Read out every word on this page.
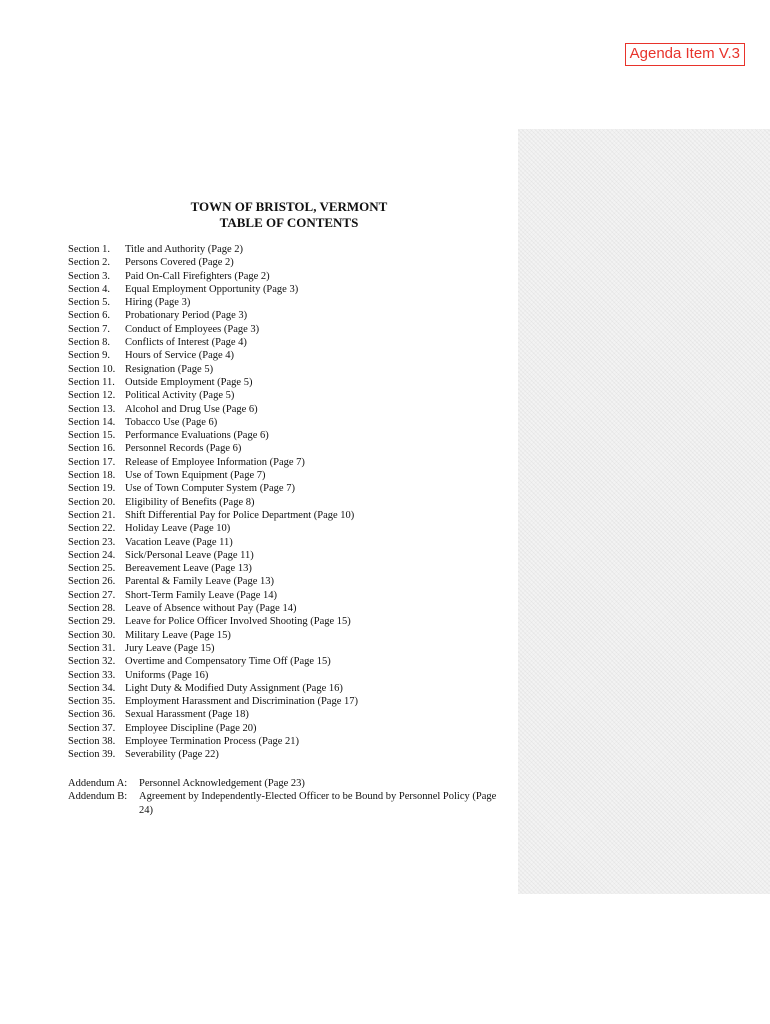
Agenda Item V.3
TOWN OF BRISTOL, VERMONT
TABLE OF CONTENTS
Section 1.	Title and Authority (Page 2)
Section 2.	Persons Covered (Page 2)
Section 3.	Paid On-Call Firefighters (Page 2)
Section 4.	Equal Employment Opportunity (Page 3)
Section 5.	Hiring (Page 3)
Section 6.	Probationary Period (Page 3)
Section 7.	Conduct of Employees (Page 3)
Section 8.	Conflicts of Interest (Page 4)
Section 9.	Hours of Service (Page 4)
Section 10. Resignation (Page 5)
Section 11. Outside Employment (Page 5)
Section 12. Political Activity (Page 5)
Section 13. Alcohol and Drug Use (Page 6)
Section 14. Tobacco Use (Page 6)
Section 15. Performance Evaluations (Page 6)
Section 16. Personnel Records (Page 6)
Section 17. Release of Employee Information (Page 7)
Section 18. Use of Town Equipment (Page 7)
Section 19. Use of Town Computer System (Page 7)
Section 20. Eligibility of Benefits (Page 8)
Section 21. Shift Differential Pay for Police Department (Page 10)
Section 22. Holiday Leave (Page 10)
Section 23. Vacation Leave (Page 11)
Section 24. Sick/Personal Leave (Page 11)
Section 25. Bereavement Leave (Page 13)
Section 26. Parental & Family Leave (Page 13)
Section 27. Short-Term Family Leave (Page 14)
Section 28. Leave of Absence without Pay (Page 14)
Section 29. Leave for Police Officer Involved Shooting (Page 15)
Section 30. Military Leave (Page 15)
Section 31. Jury Leave (Page 15)
Section 32. Overtime and Compensatory Time Off (Page 15)
Section 33. Uniforms (Page 16)
Section 34. Light Duty & Modified Duty Assignment (Page 16)
Section 35. Employment Harassment and Discrimination (Page 17)
Section 36. Sexual Harassment (Page 18)
Section 37. Employee Discipline (Page 20)
Section 38. Employee Termination Process (Page 21)
Section 39. Severability (Page 22)
Addendum A:	Personnel Acknowledgement (Page 23)
Addendum B:	Agreement by Independently-Elected Officer to be Bound by Personnel Policy (Page 24)
